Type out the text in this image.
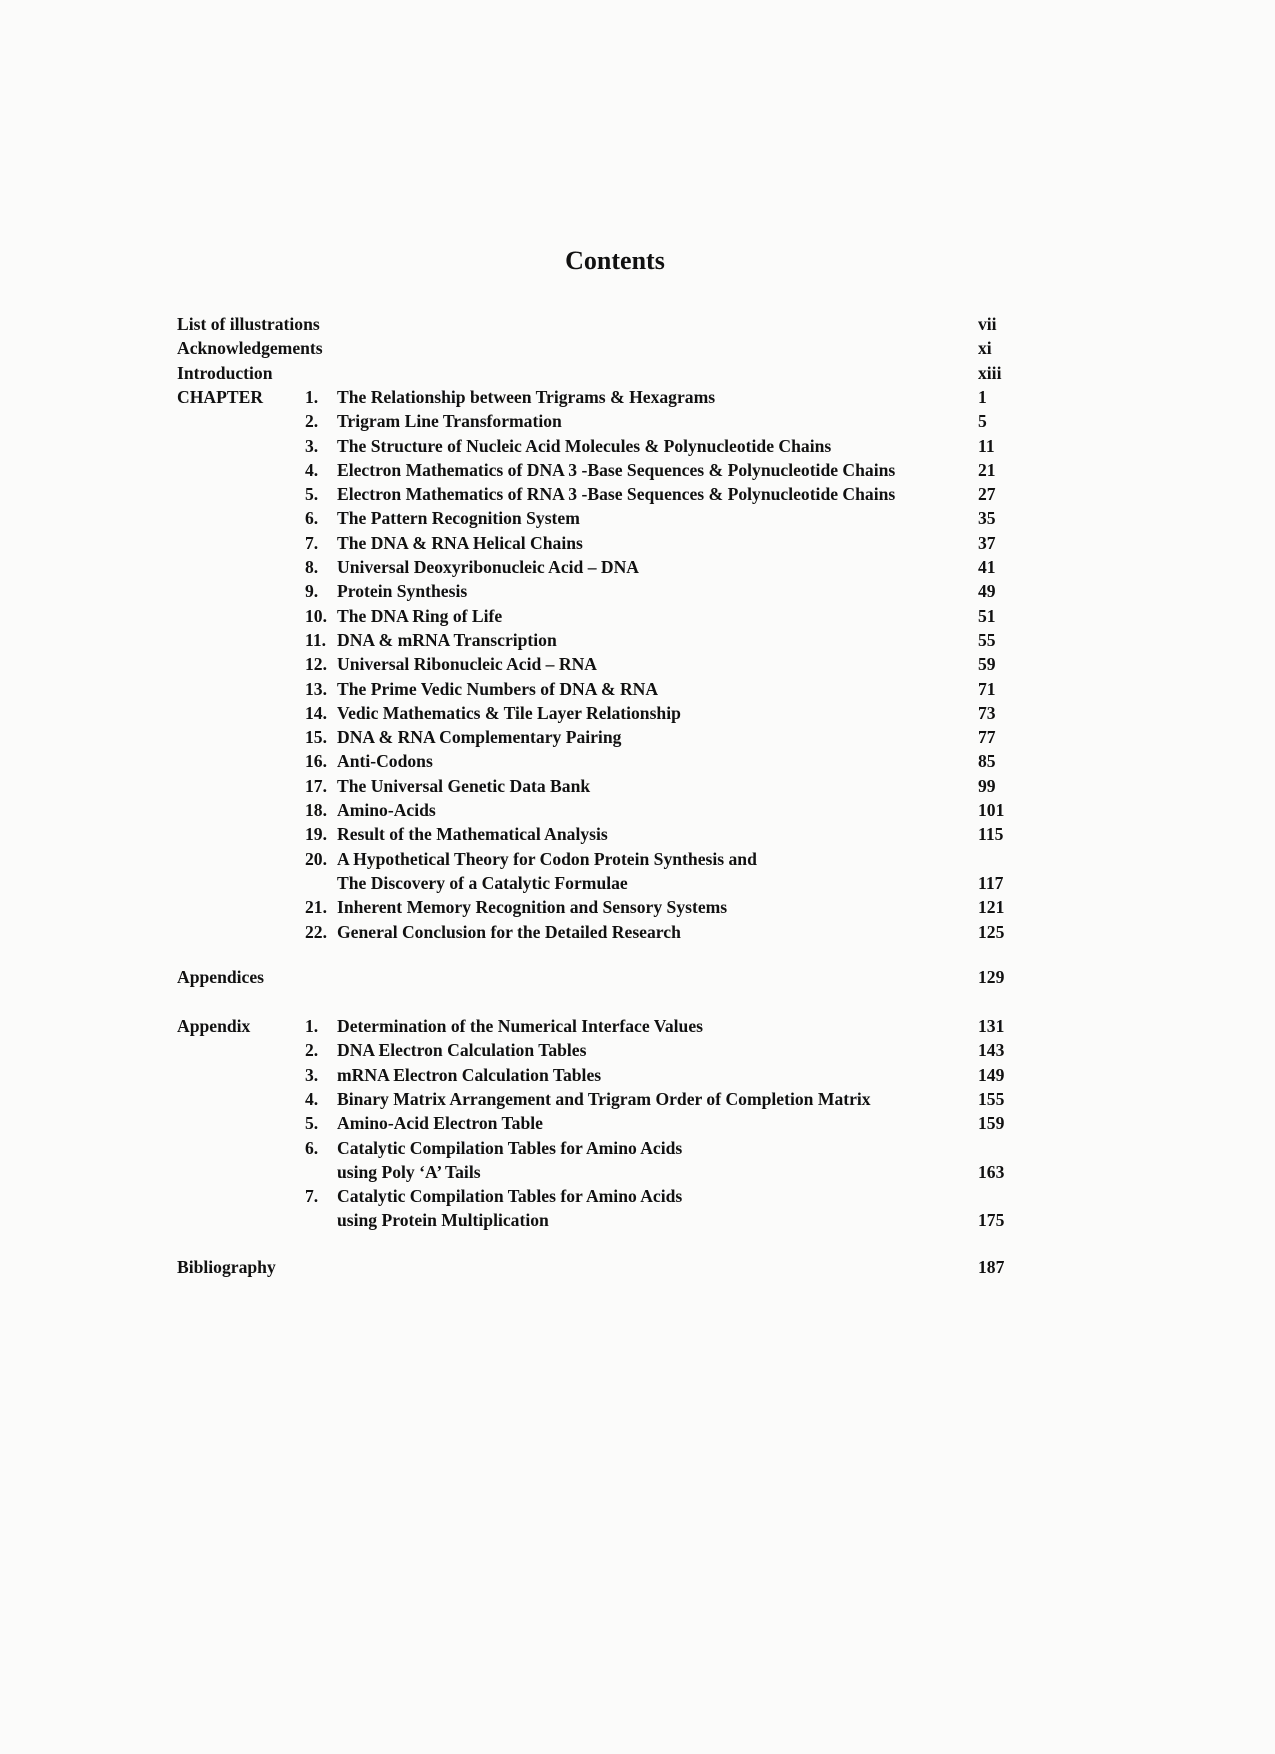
Contents
List of illustrations	vii
Acknowledgements	xi
Introduction	xiii
CHAPTER 1. The Relationship between Trigrams & Hexagrams	1
2. Trigram Line Transformation	5
3. The Structure of Nucleic Acid Molecules & Polynucleotide Chains	11
4. Electron Mathematics of DNA 3 -Base Sequences & Polynucleotide Chains	21
5. Electron Mathematics of RNA 3 -Base Sequences & Polynucleotide Chains	27
6. The Pattern Recognition System	35
7. The DNA & RNA Helical Chains	37
8. Universal Deoxyribonucleic Acid – DNA	41
9. Protein Synthesis	49
10. The DNA Ring of Life	51
11. DNA & mRNA Transcription	55
12. Universal Ribonucleic Acid – RNA	59
13. The Prime Vedic Numbers of DNA & RNA	71
14. Vedic Mathematics & Tile Layer Relationship	73
15. DNA & RNA Complementary Pairing	77
16. Anti-Codons	85
17. The Universal Genetic Data Bank	99
18. Amino-Acids	101
19. Result of the Mathematical Analysis	115
20. A Hypothetical Theory for Codon Protein Synthesis and
The Discovery of a Catalytic Formulae	117
21. Inherent Memory Recognition and Sensory Systems	121
22. General Conclusion for the Detailed Research	125
Appendices	129
Appendix	1. Determination of the Numerical Interface Values	131
2. DNA Electron Calculation Tables	143
3. mRNA Electron Calculation Tables	149
4. Binary Matrix Arrangement and Trigram Order of Completion Matrix	155
5. Amino-Acid Electron Table	159
6. Catalytic Compilation Tables for Amino Acids
using Poly ‘A’ Tails	163
7. Catalytic Compilation Tables for Amino Acids
using Protein Multiplication	175
Bibliography	187
